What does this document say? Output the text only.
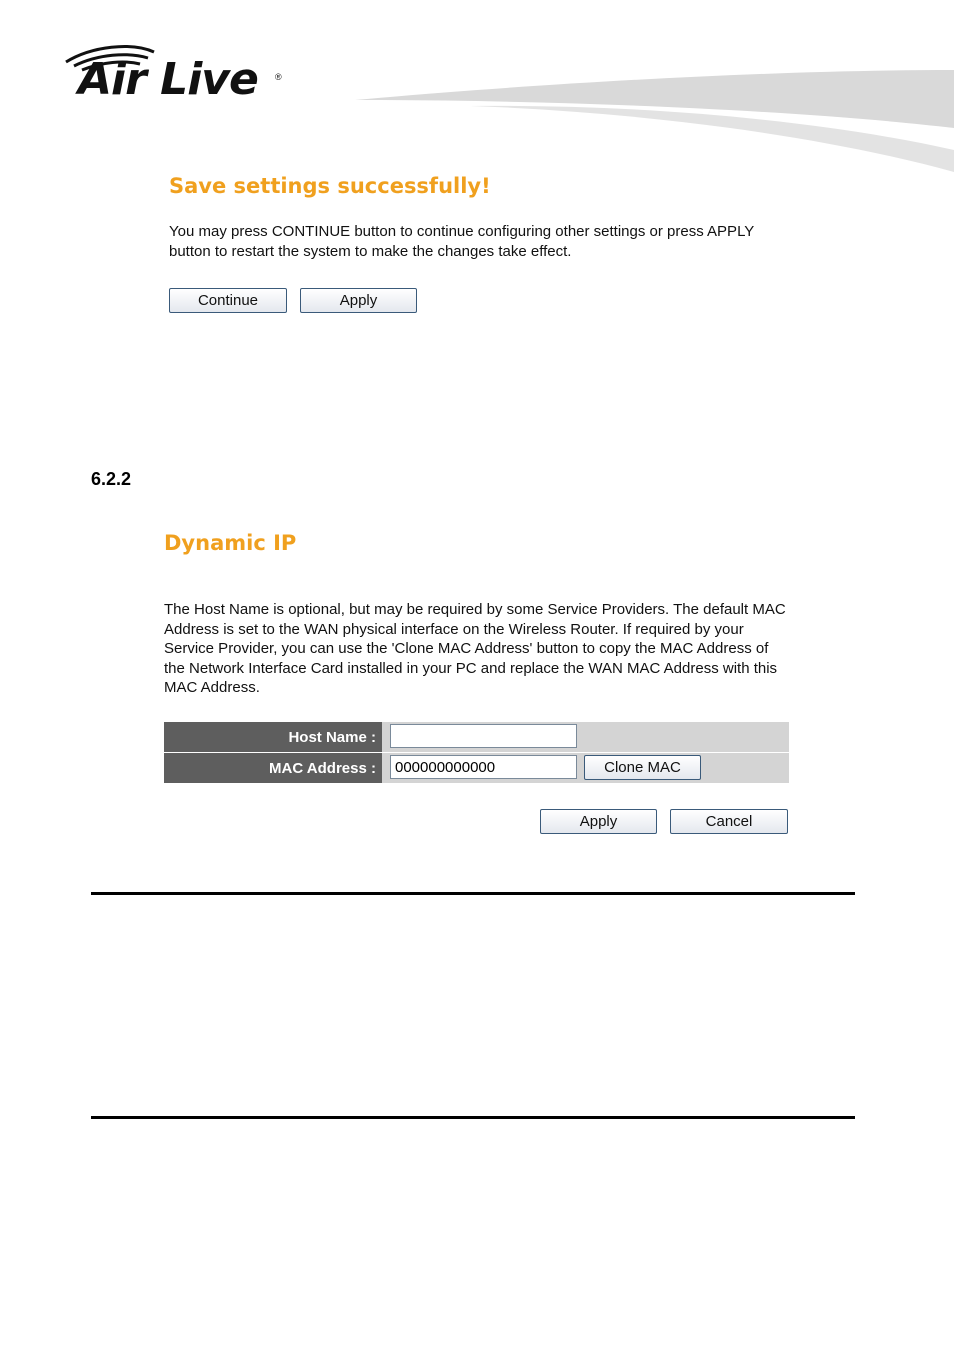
Air Live ®
Save settings successfully!
You may press CONTINUE button to continue configuring other settings or press APPLY button to restart the system to make the changes take effect.
Continue	Apply
6.2.2
Dynamic IP
The Host Name is optional, but may be required by some Service Providers. The default MAC Address is set to the WAN physical interface on the Wireless Router. If required by your Service Provider, you can use the 'Clone MAC Address' button to copy the MAC Address of the Network Interface Card installed in your PC and replace the WAN MAC Address with this MAC Address.
Host Name :
MAC Address :	000000000000	Clone MAC
Apply	Cancel
